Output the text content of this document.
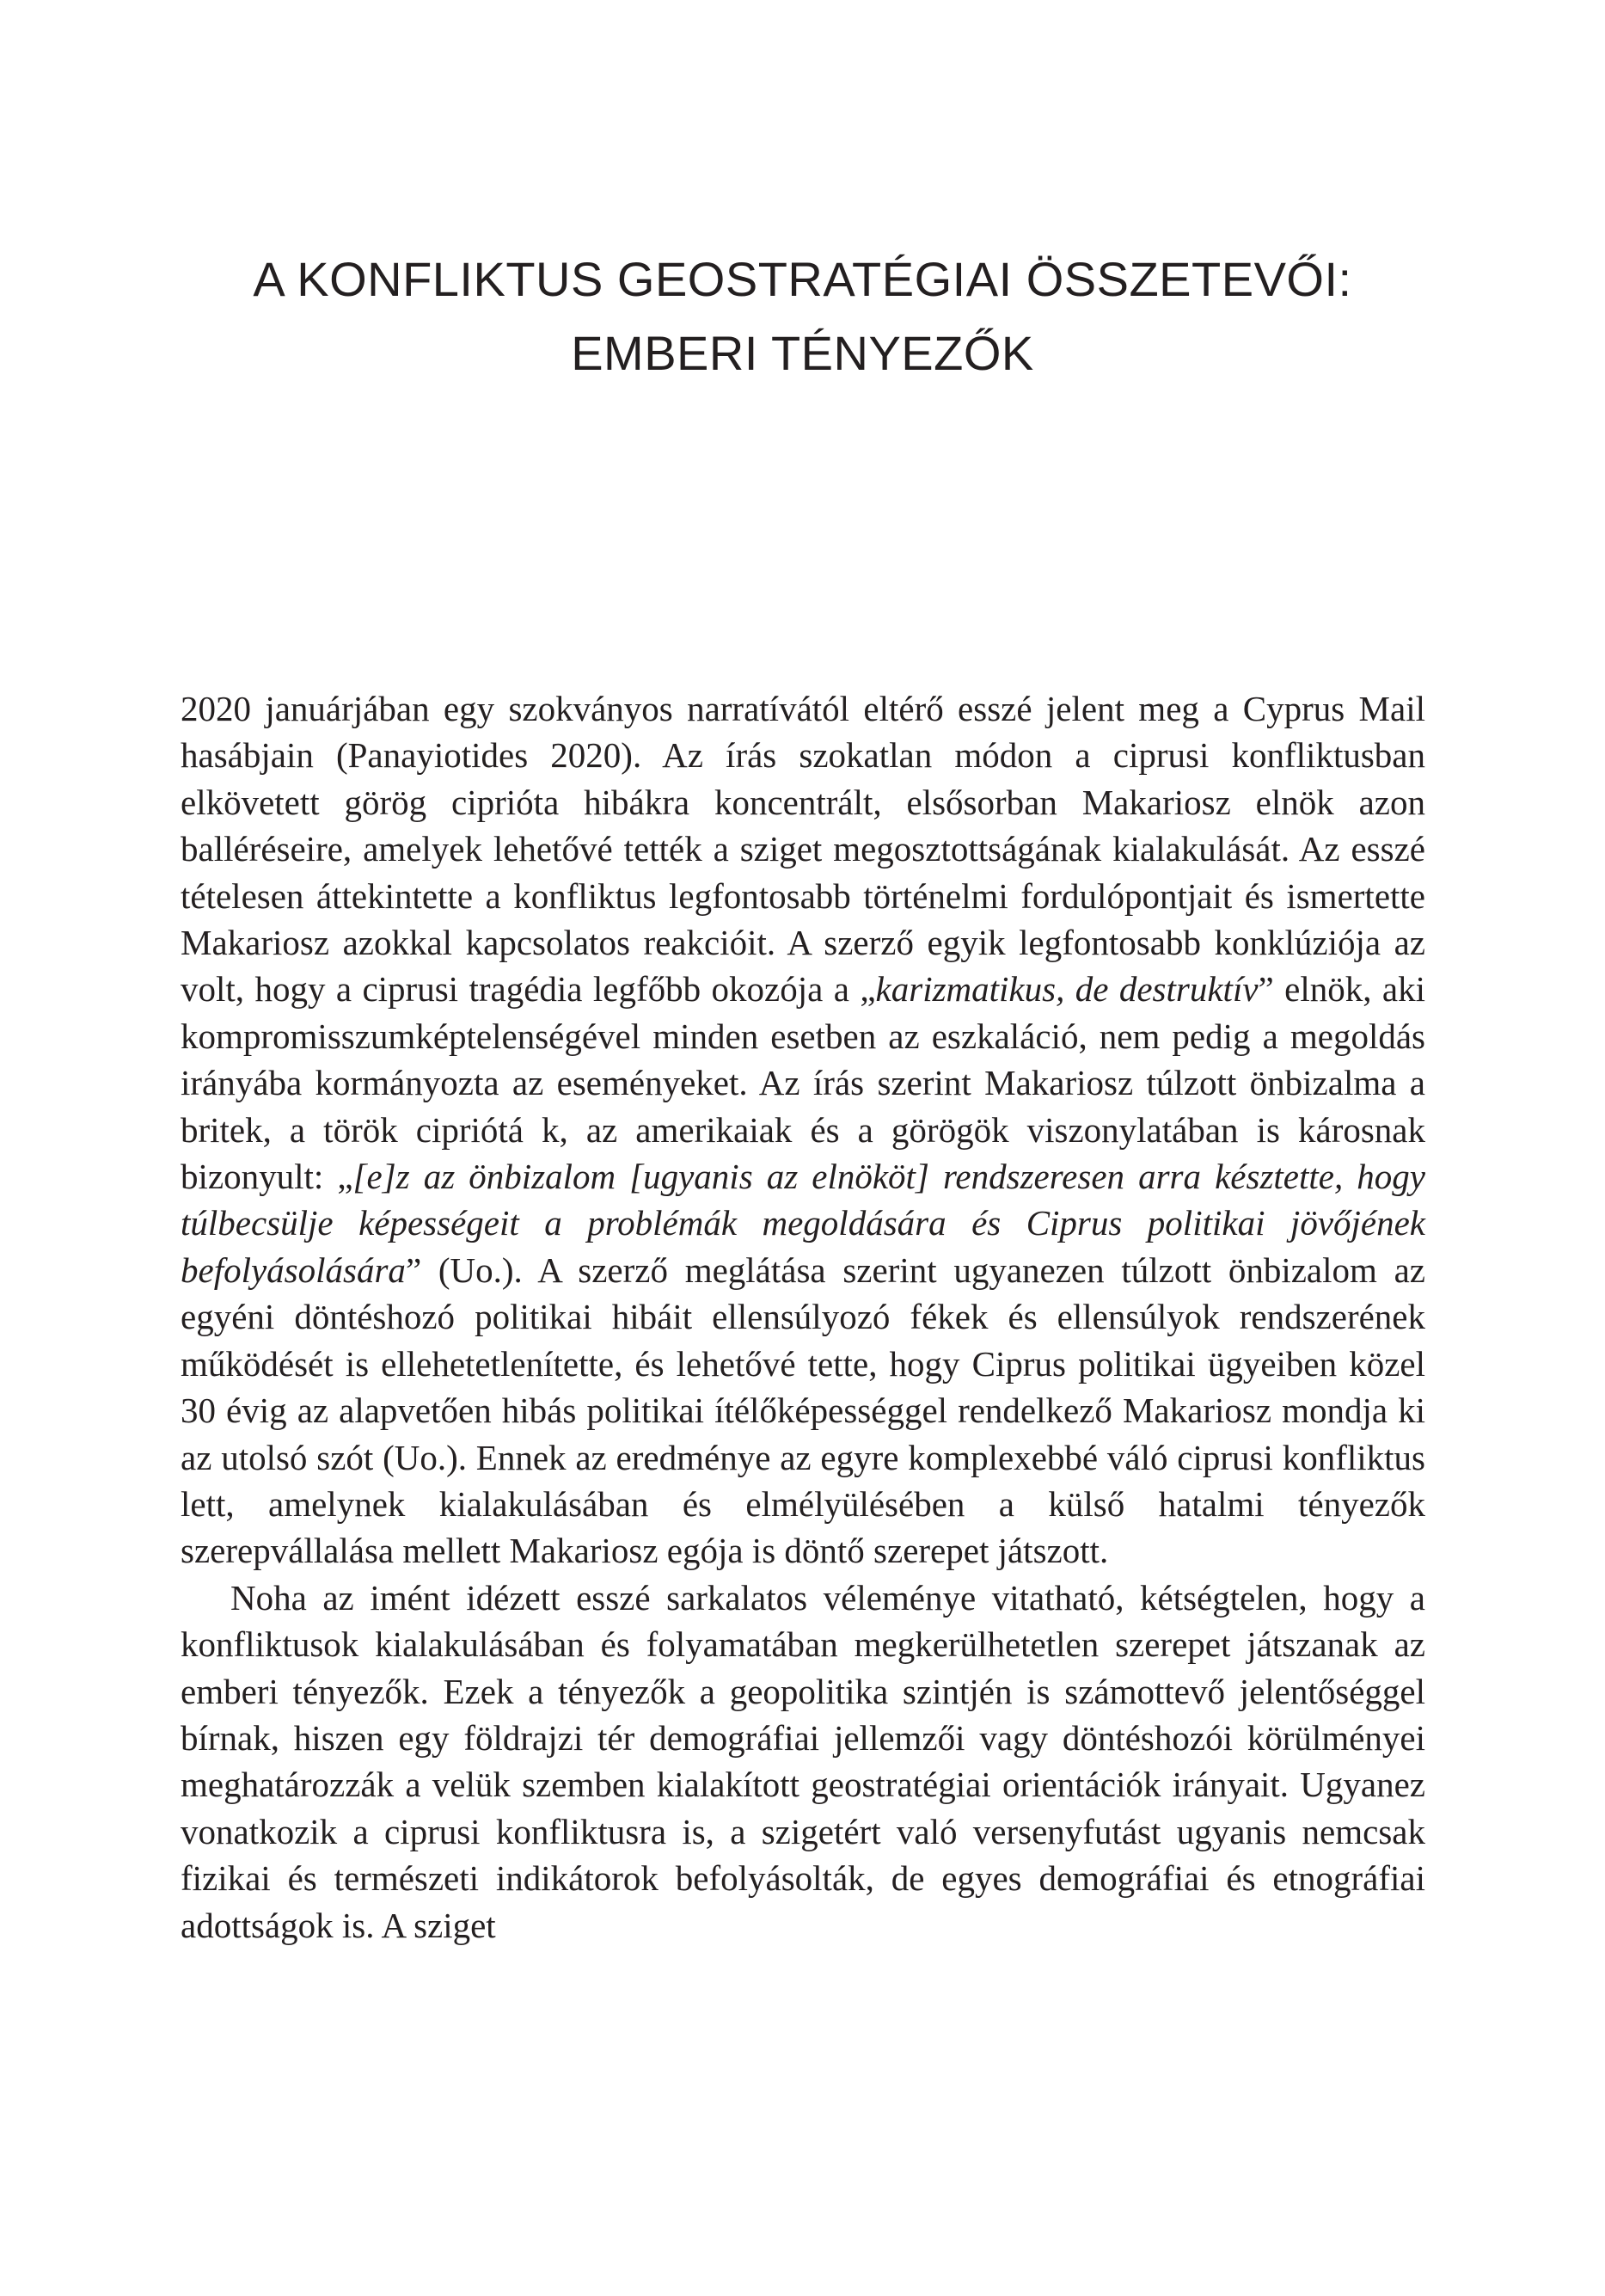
A KONFLIKTUS GEOSTRATÉGIAI ÖSSZETEVŐI:
EMBERI TÉNYEZŐK

2020 januárjában egy szokványos narratívától eltérő esszé jelent meg a Cyprus Mail hasábjain (Panayiotides 2020). Az írás szokatlan módon a ciprusi konfliktusban elkövetett görög cipriótа hibákra koncentrált, elsősorban Makariosz elnök azon balléréseire, amelyek lehetővé tették a sziget megosztottságának kialakulását. Az esszé tételesen áttekintette a konfliktus legfontosabb történelmi fordulópontjait és ismertette Makariosz azokkal kapcsolatos reakcióit. A szerző egyik legfontosabb konklúziója az volt, hogy a ciprusi tragédia legfőbb okozója a „karizmatikus, de destruktív” elnök, aki kompromisszumképtelenségével minden esetben az eszkaláció, nem pedig a megoldás irányába kormányozta az eseményeket. Az írás szerint Makariosz túlzott önbizalma a britek, a török cipriótá k, az amerikaiak és a görögök viszonylatában is károsnak bizonyult: „[e]z az önbizalom [ugyanis az elnököt] rendszeresen arra késztette, hogy túlbecsülje képességeit a problémák megoldására és Ciprus politikai jövőjének befolyásolására” (Uo.). A szerző meglátása szerint ugyanezen túlzott önbizalom az egyéni döntéshozó politikai hibáit ellensúlyozó fékek és ellensúlyok rendszerének működését is ellehetetlenítette, és lehetővé tette, hogy Ciprus politikai ügyeiben közel 30 évig az alapvetően hibás politikai ítélőképességgel rendelkező Makariosz mondja ki az utolsó szót (Uo.). Ennek az eredménye az egyre komplexebbé váló ciprusi konfliktus lett, amelynek kialakulásában és elmélyülésében a külső hatalmi tényezők szerepvállalása mellett Makariosz egója is döntő szerepet játszott.

Noha az imént idézett esszé sarkalatos véleménye vitatható, kétségtelen, hogy a konfliktusok kialakulásában és folyamatában megkerülhetetlen szerepet játszanak az emberi tényezők. Ezek a tényezők a geopolitika szintjén is számottevő jelentőséggel bírnak, hiszen egy földrajzi tér demográfiai jellemzői vagy döntéshozói körülményei meghatározzák a velük szemben kialakított geostratégiai orientációk irányait. Ugyanez vonatkozik a ciprusi konfliktusra is, a szigetért való versenyfutást ugyanis nemcsak fizikai és természeti indikátorok befolyásolták, de egyes demográfiai és etnográfiai adottságok is. A sziget
